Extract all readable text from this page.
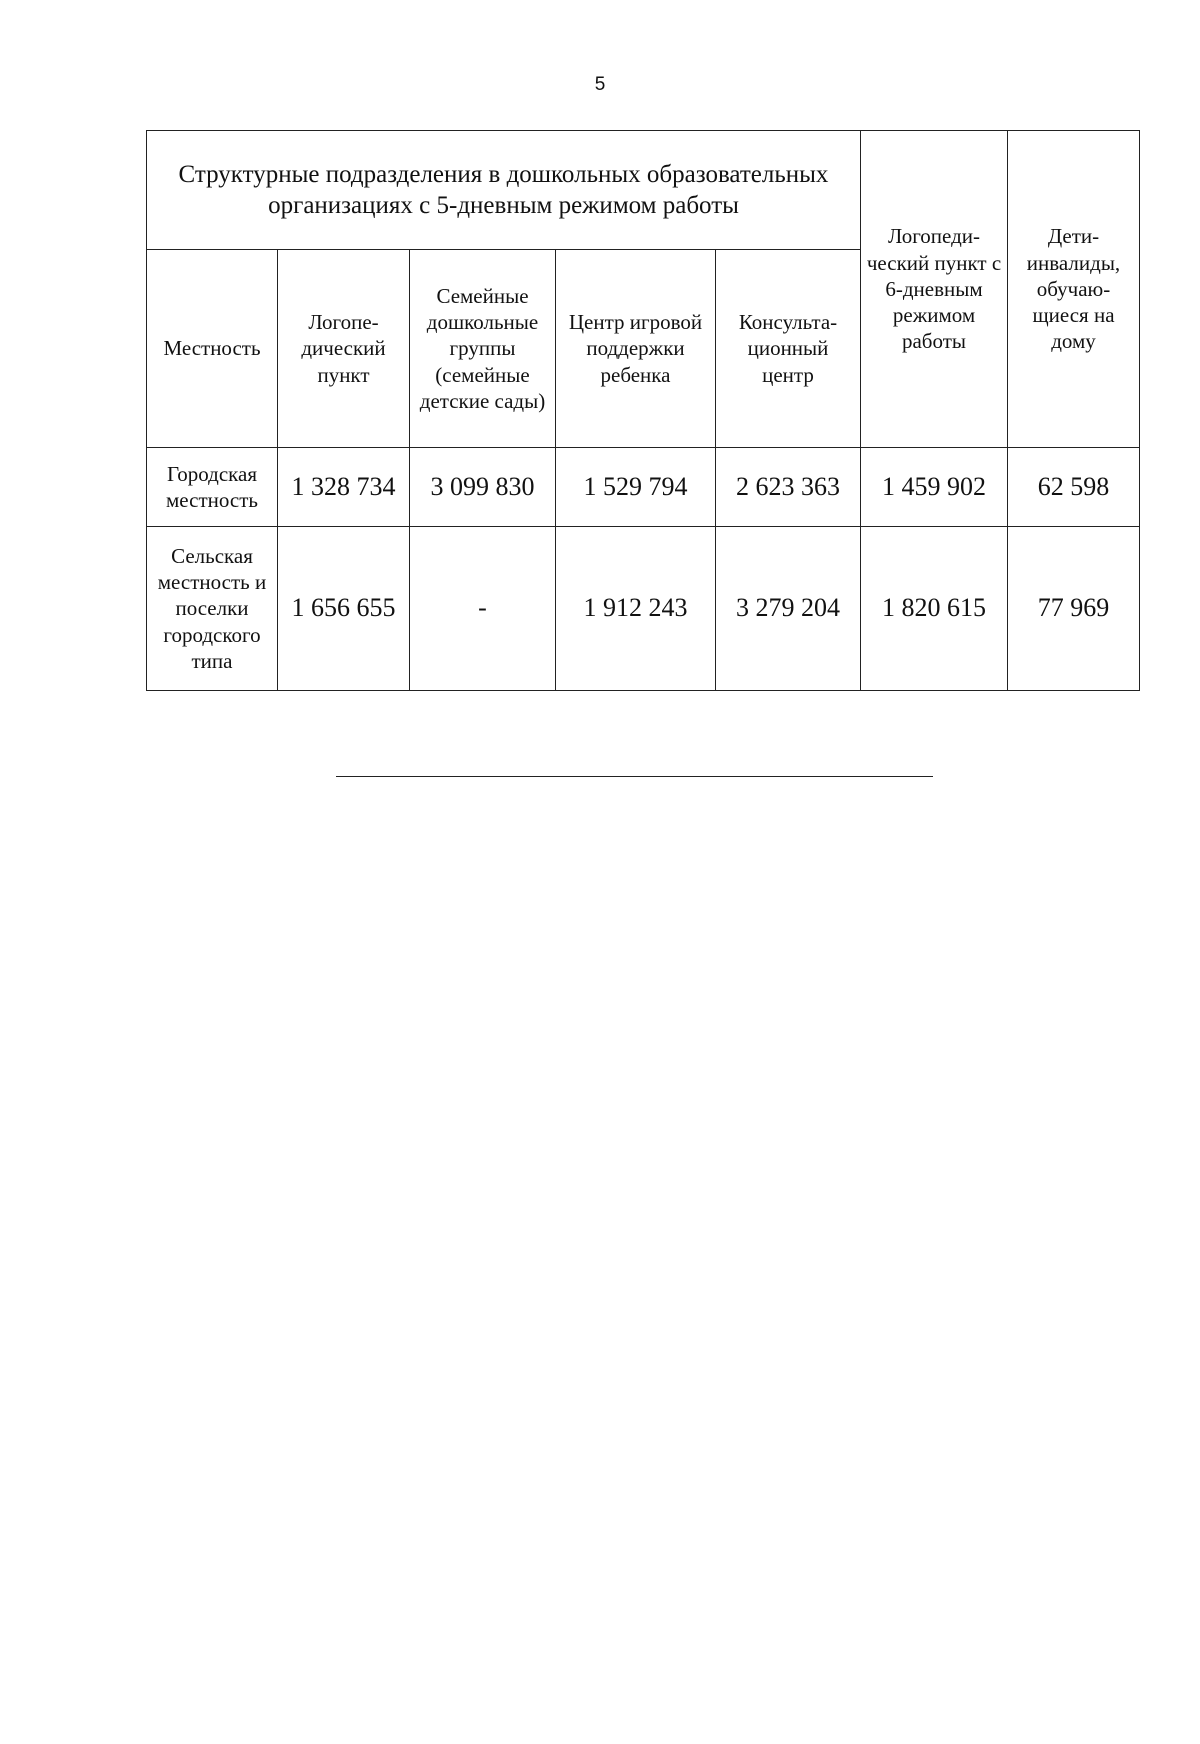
5
Структурные подразделения в дошкольных образовательных организациях с 5-дневным режимом работы					Логопеди-ческий пункт с 6-дневным режимом работы	Дети-инвалиды, обучаю-щиеся на дому
Местность	Логопе-дический пункт	Семейные дошкольные группы (семейные детские сады)	Центр игровой поддержки ребенка	Консульта-ционный центр		
Городская местность	1 328 734	3 099 830	1 529 794	2 623 363	1 459 902	62 598
Сельская местность и поселки городского типа	1 656 655	-	1 912 243	3 279 204	1 820 615	77 969
